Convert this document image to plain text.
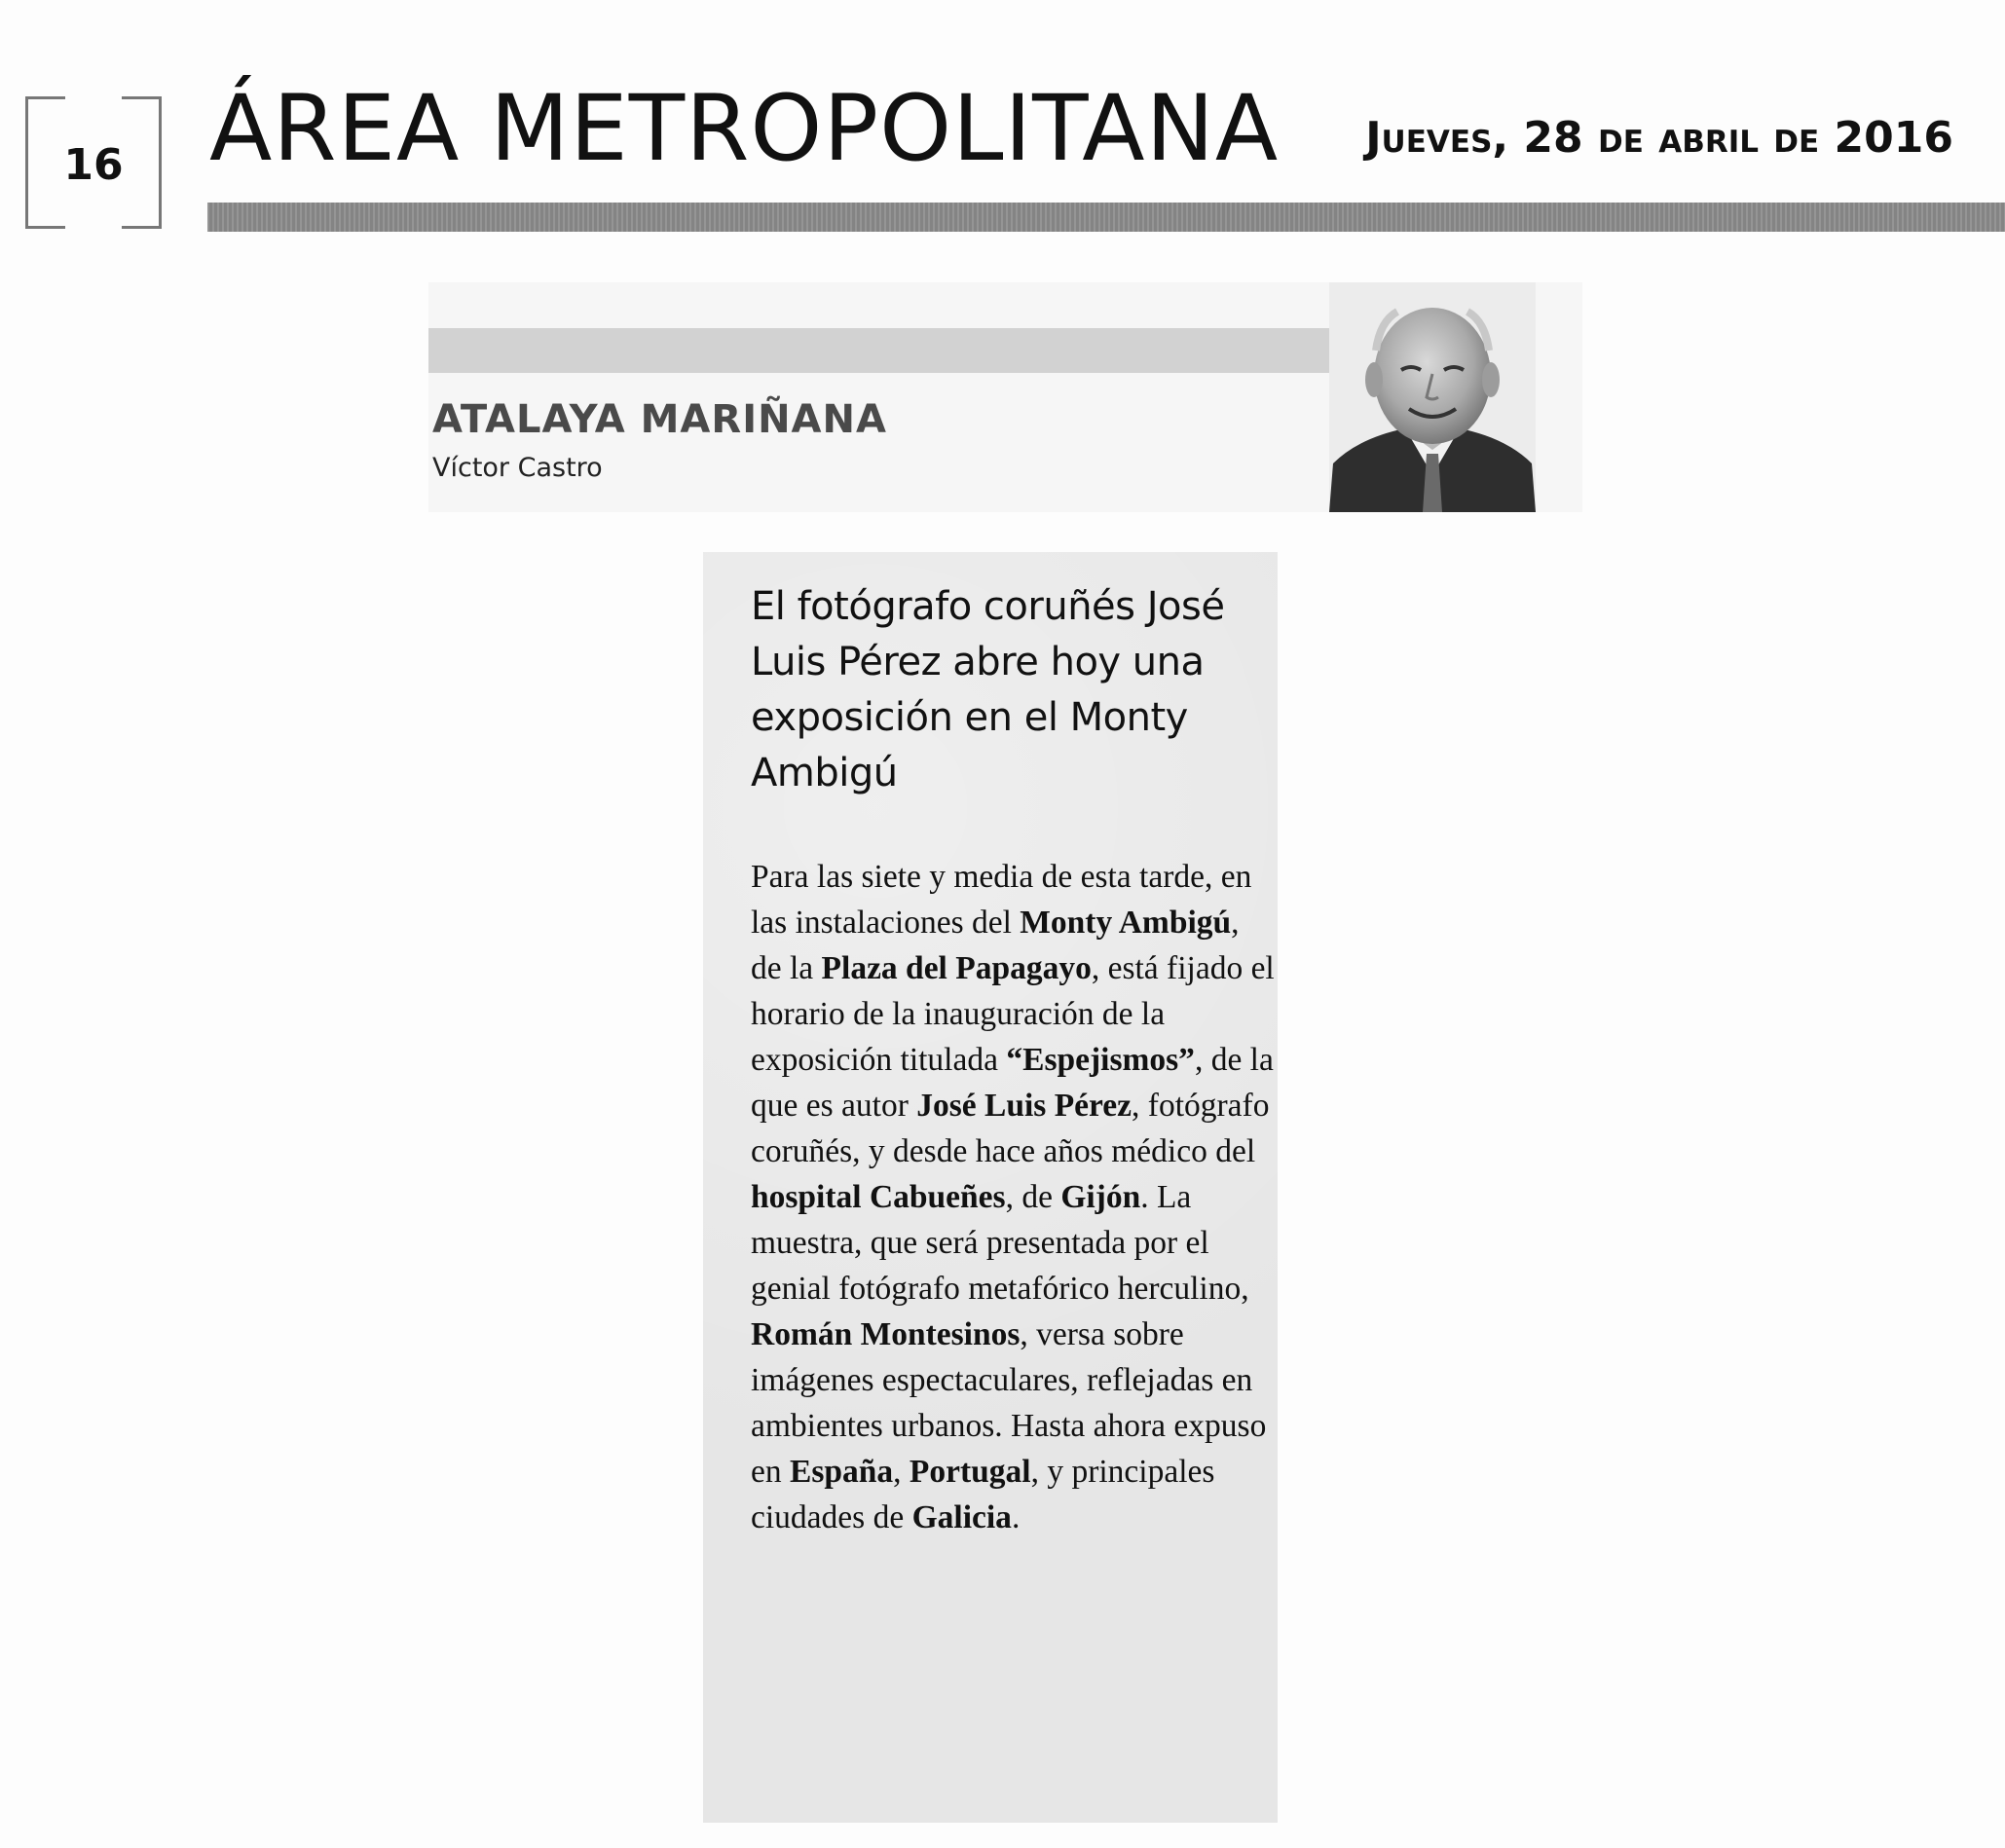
16 ÁREA METROPOLITANA Jueves, 28 de abril de 2016
ATALAYA MARIÑANA
Víctor Castro
El fotógrafo coruñés José Luis Pérez abre hoy una exposición en el Monty Ambigú

Para las siete y media de esta tarde, en las instalaciones del Monty Ambigú, de la Plaza del Papagayo, está fijado el horario de la inauguración de la exposición titulada “Espejismos”, de la que es autor José Luis Pérez, fotógrafo coruñés, y desde hace años médico del hospital Cabueñes, de Gijón. La muestra, que será presentada por el genial fotógrafo metafórico herculino, Román Montesinos, versa sobre imágenes espectaculares, reflejadas en ambientes urbanos. Hasta ahora expuso en España, Portugal, y principales ciudades de Galicia.
